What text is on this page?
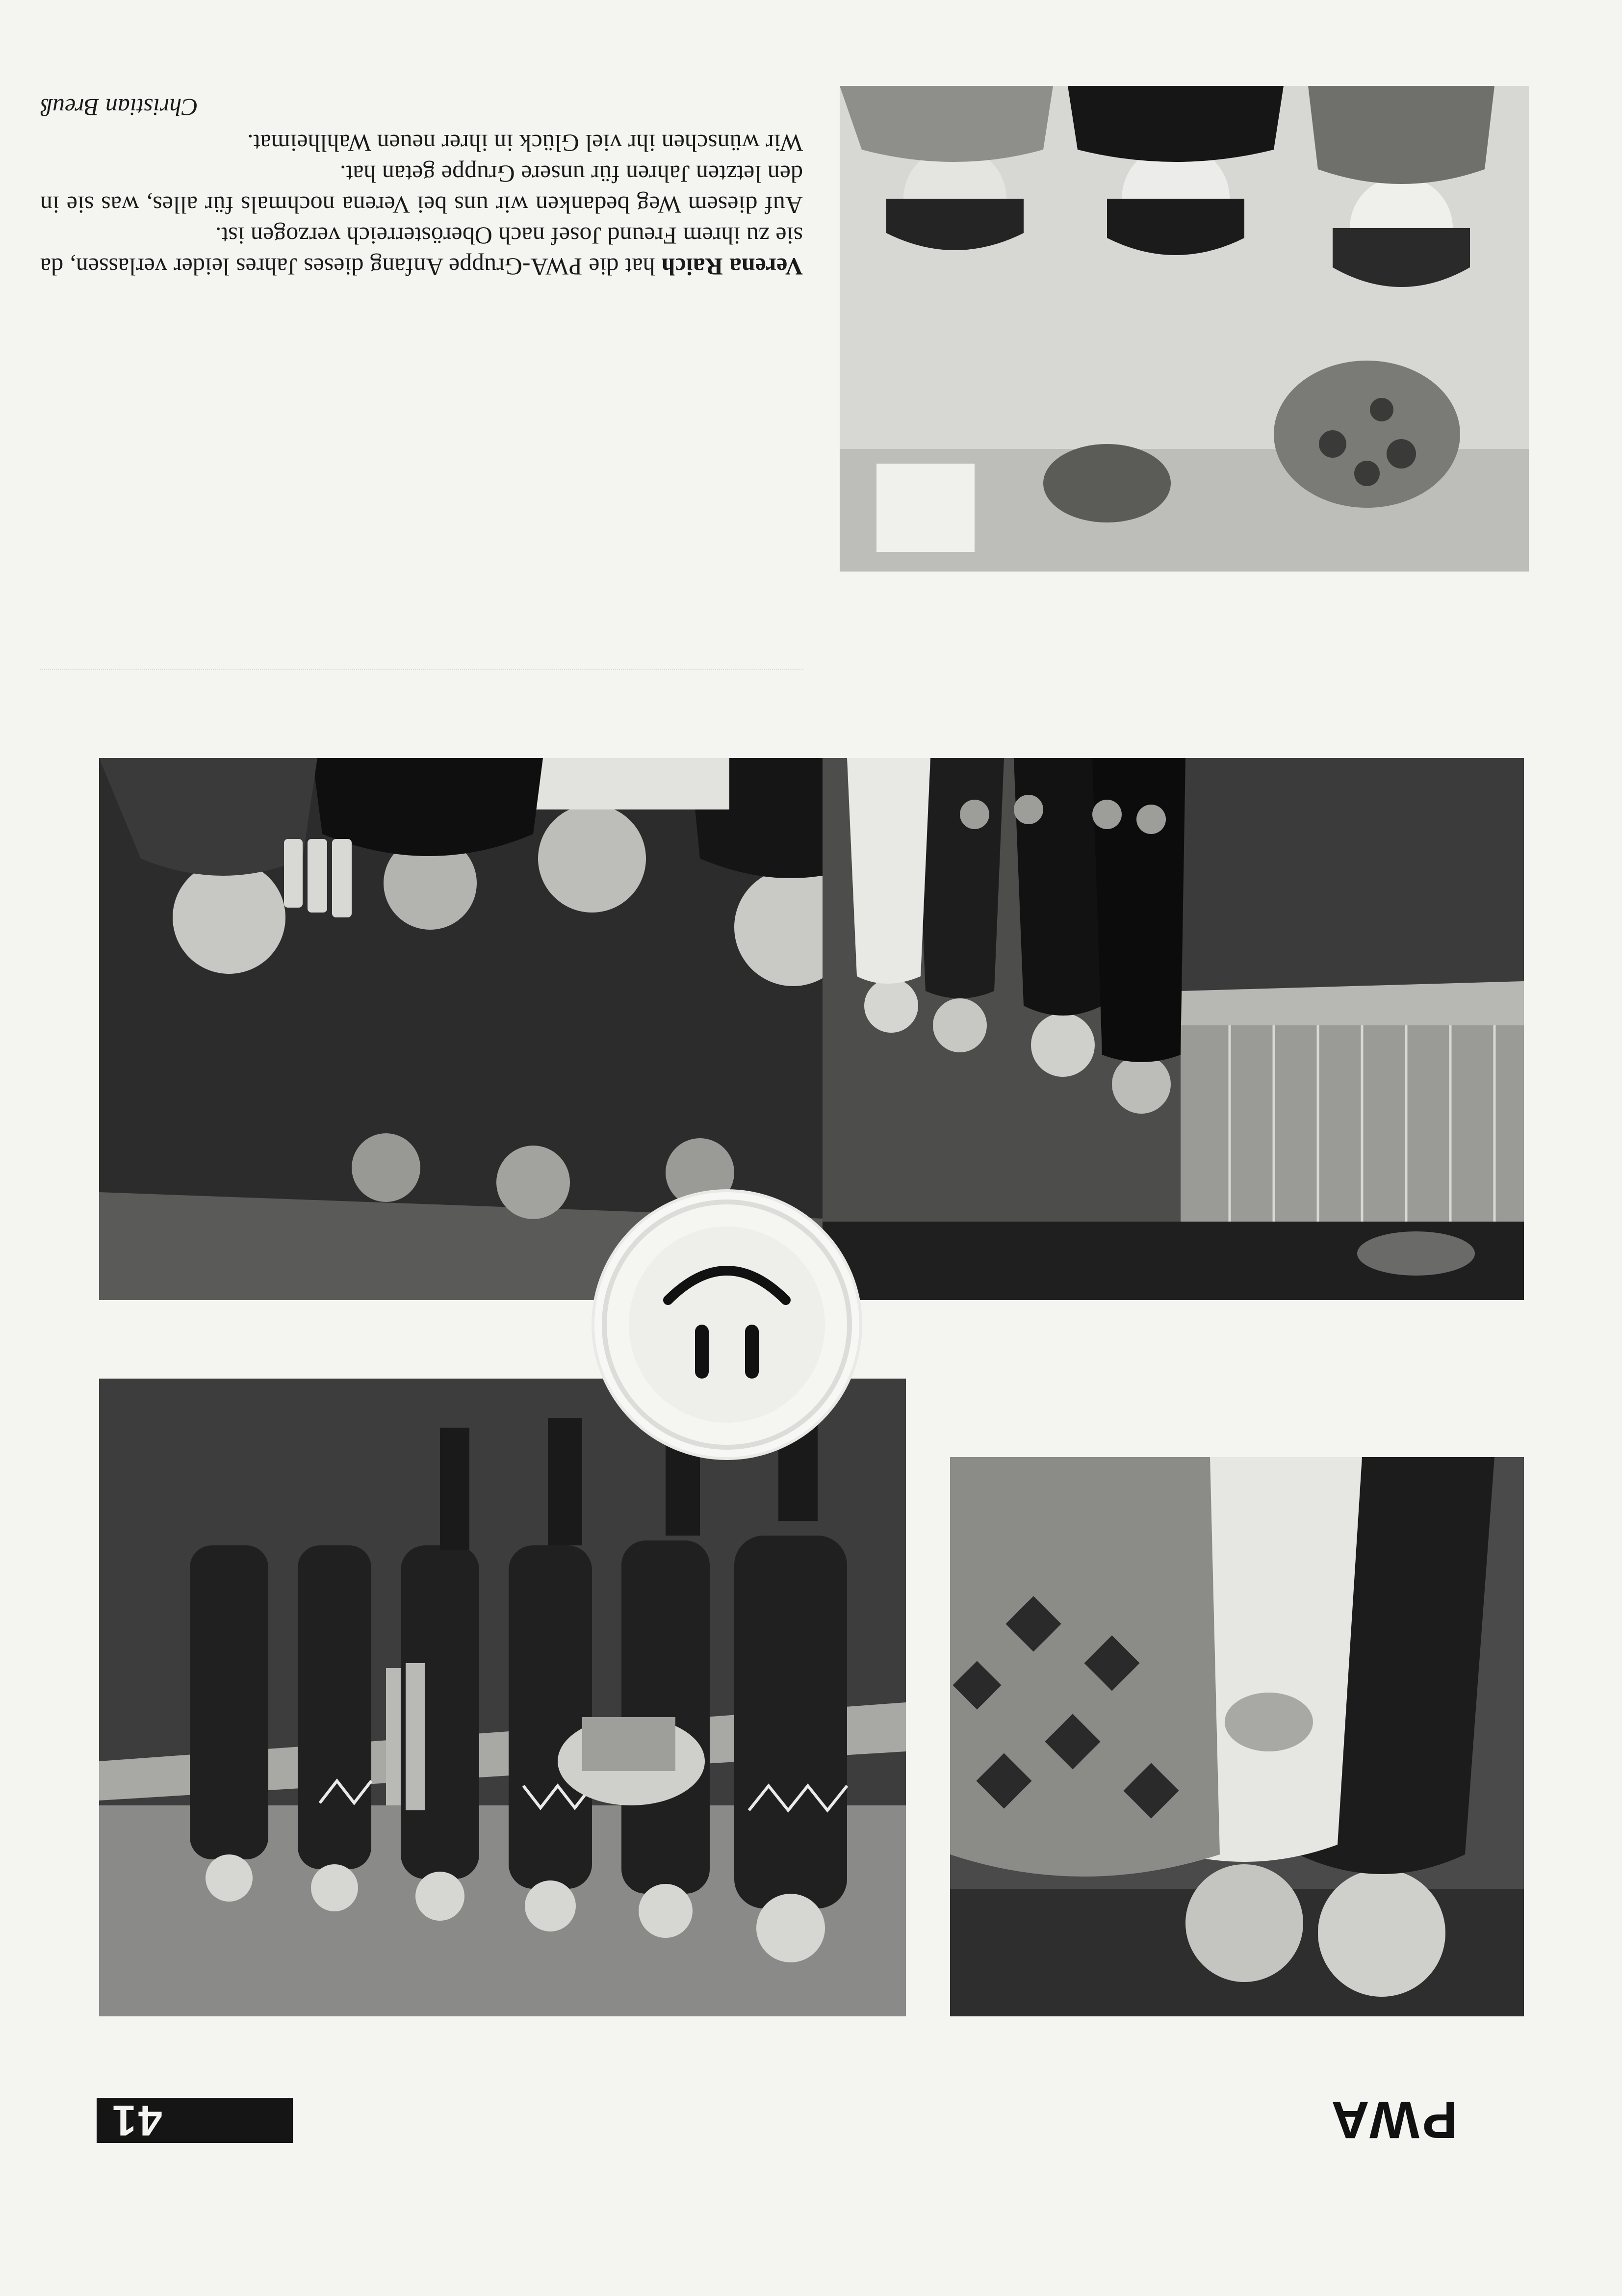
PWA
41

Verena Raich hat die PWA-Gruppe Anfang dieses Jahres leider verlassen, da sie zu ihrem Freund Josef nach Oberösterreich verzogen ist.

Auf diesem Weg bedanken wir uns bei Verena nochmals für alles, was sie in den letzten Jahren für unsere Gruppe getan hat.

Wir wünschen ihr viel Glück in ihrer neuen Wahlheimat.

Christian Breuß
